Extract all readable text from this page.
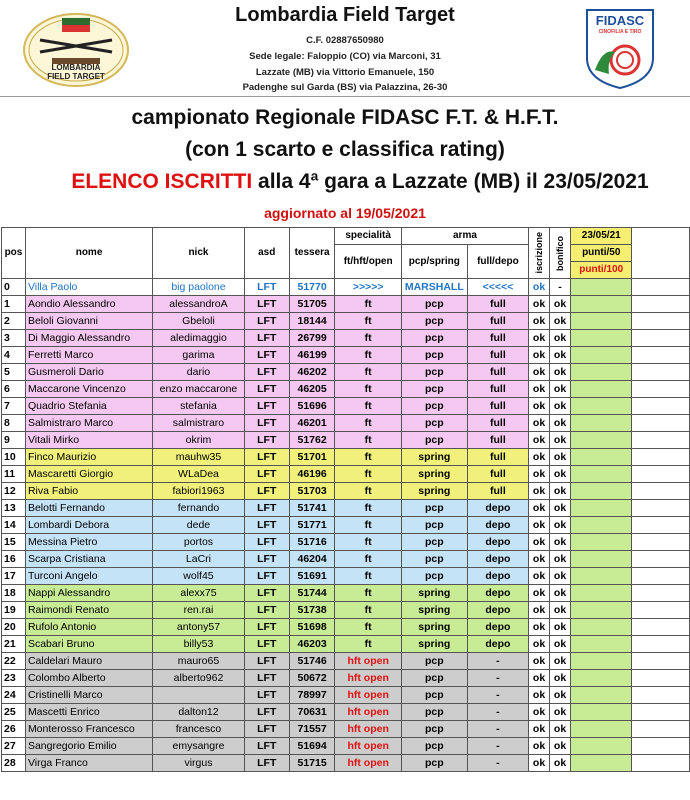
LOMBARDIA
FIELD TARGET
Lombardia Field Target
C.F. 02887650980
Sede legale: Faloppio (CO) via Marconi, 31
Lazzate (MB) via Vittorio Emanuele, 150
Padenghe sul Garda (BS) via Palazzina, 26-30
FIDASC
CINOFILIA E TIRO
campionato Regionale FIDASC F.T. & H.F.T.
(con 1 scarto e classifica rating)
ELENCO ISCRITTI alla 4ª gara a Lazzate (MB) il 23/05/2021
aggiornato al 19/05/2021
pos	nome	nick	asd	tessera	specialità	arma		iscrizione	bonifico	23/05/21	
					ft/hft/open	pcp/spring	full/depo			punti/50	
										punti/100	
0	Villa Paolo	big paolone	LFT	51770	>>>>>	MARSHALL	<<<<<	ok	-		
1	Aondio Alessandro	alessandroA	LFT	51705	ft	pcp	full	ok	ok		
2	Beloli Giovanni	Gbeloli	LFT	18144	ft	pcp	full	ok	ok		
3	Di Maggio Alessandro	aledimaggio	LFT	26799	ft	pcp	full	ok	ok		
4	Ferretti Marco	garima	LFT	46199	ft	pcp	full	ok	ok		
5	Gusmeroli Dario	dario	LFT	46202	ft	pcp	full	ok	ok		
6	Maccarone Vincenzo	enzo maccarone	LFT	46205	ft	pcp	full	ok	ok		
7	Quadrio Stefania	stefania	LFT	51696	ft	pcp	full	ok	ok		
8	Salmistraro Marco	salmistraro	LFT	46201	ft	pcp	full	ok	ok		
9	Vitali Mirko	okrim	LFT	51762	ft	pcp	full	ok	ok		
10	Finco Maurizio	mauhw35	LFT	51701	ft	spring	full	ok	ok		
11	Mascaretti Giorgio	WLaDea	LFT	46196	ft	spring	full	ok	ok		
12	Riva Fabio	fabiori1963	LFT	51703	ft	spring	full	ok	ok		
13	Belotti Fernando	fernando	LFT	51741	ft	pcp	depo	ok	ok		
14	Lombardi Debora	dede	LFT	51771	ft	pcp	depo	ok	ok		
15	Messina Pietro	portos	LFT	51716	ft	pcp	depo	ok	ok		
16	Scarpa Cristiana	LaCri	LFT	46204	ft	pcp	depo	ok	ok		
17	Turconi Angelo	wolf45	LFT	51691	ft	pcp	depo	ok	ok		
18	Nappi Alessandro	alexx75	LFT	51744	ft	spring	depo	ok	ok		
19	Raimondi Renato	ren.rai	LFT	51738	ft	spring	depo	ok	ok		
20	Rufolo Antonio	antony57	LFT	51698	ft	spring	depo	ok	ok		
21	Scabari Bruno	billy53	LFT	46203	ft	spring	depo	ok	ok		
22	Caldelari Mauro	mauro65	LFT	51746	hft open	pcp	-	ok	ok		
23	Colombo Alberto	alberto962	LFT	50672	hft open	pcp	-	ok	ok		
24	Cristinelli Marco		LFT	78997	hft open	pcp	-	ok	ok		
25	Mascetti Enrico	dalton12	LFT	70631	hft open	pcp	-	ok	ok		
26	Monterosso Francesco	francesco	LFT	71557	hft open	pcp	-	ok	ok		
27	Sangregorio Emilio	emysangre	LFT	51694	hft open	pcp	-	ok	ok		
28	Virga Franco	virgus	LFT	51715	hft open	pcp	-	ok	ok		
